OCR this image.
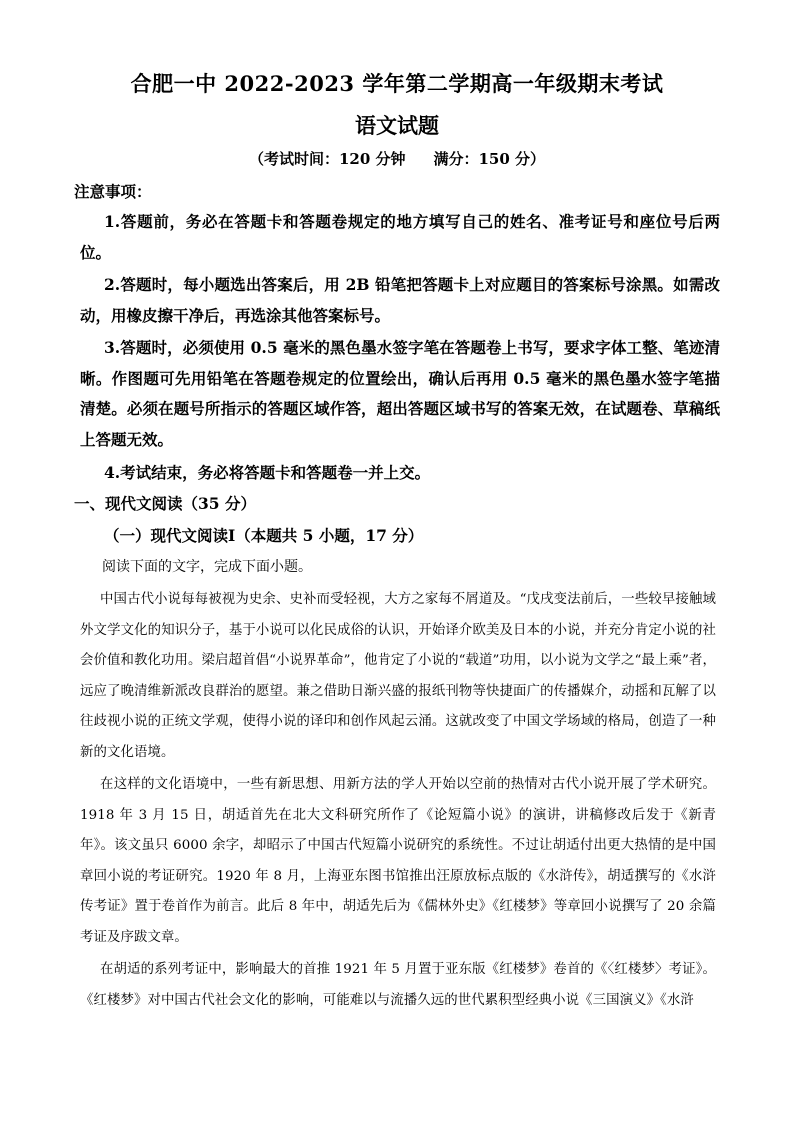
合肥一中 2022-2023 学年第二学期高一年级期末考试
语文试题
（考试时间：120 分钟 满分：150 分）
注意事项：
1.答题前，务必在答题卡和答题卷规定的地方填写自己的姓名、准考证号和座位号后两位。
2.答题时，每小题选出答案后，用 2B 铅笔把答题卡上对应题目的答案标号涂黑。如需改动，用橡皮擦干净后，再选涂其他答案标号。
3.答题时，必须使用 0.5 毫米的黑色墨水签字笔在答题卷上书写，要求字体工整、笔迹清晰。作图题可先用铅笔在答题卷规定的位置绘出，确认后再用 0.5 毫米的黑色墨水签字笔描清楚。必须在题号所指示的答题区域作答，超出答题区域书写的答案无效，在试题卷、草稿纸上答题无效。
4.考试结束，务必将答题卡和答题卷一并上交。
一、现代文阅读（35 分）
（一）现代文阅读Ⅰ（本题共 5 小题，17 分）
阅读下面的文字，完成下面小题。
中国古代小说每每被视为史余、史补而受轻视，大方之家每不屑道及。“戊戌变法前后，一些较早接触域外文学文化的知识分子，基于小说可以化民成俗的认识，开始译介欧美及日本的小说，并充分肯定小说的社会价值和教化功用。梁启超首倡“小说界革命”，他肯定了小说的“载道”功用，以小说为文学之“最上乘”者，远应了晚清维新派改良群治的愿望。兼之借助日渐兴盛的报纸刊物等快捷面广的传播媒介，动摇和瓦解了以往歧视小说的正统文学观，使得小说的译印和创作风起云涌。这就改变了中国文学场域的格局，创造了一种新的文化语境。
在这样的文化语境中，一些有新思想、用新方法的学人开始以空前的热情对古代小说开展了学术研究。1918 年 3 月 15 日，胡适首先在北大文科研究所作了《论短篇小说》的演讲，讲稿修改后发于《新青年》。该文虽只 6000 余字，却昭示了中国古代短篇小说研究的系统性。不过让胡适付出更大热情的是中国章回小说的考证研究。1920 年 8 月，上海亚东图书馆推出汪原放标点版的《水浒传》，胡适撰写的《水浒传考证》置于卷首作为前言。此后 8 年中，胡适先后为《儒林外史》《红楼梦》等章回小说撰写了 20 余篇考证及序跋文章。
在胡适的系列考证中，影响最大的首推 1921 年 5 月置于亚东版《红楼梦》卷首的《〈红楼梦〉考证》。《红楼梦》对中国古代社会文化的影响，可能难以与流播久远的世代累积型经典小说《三国演义》《水浒
